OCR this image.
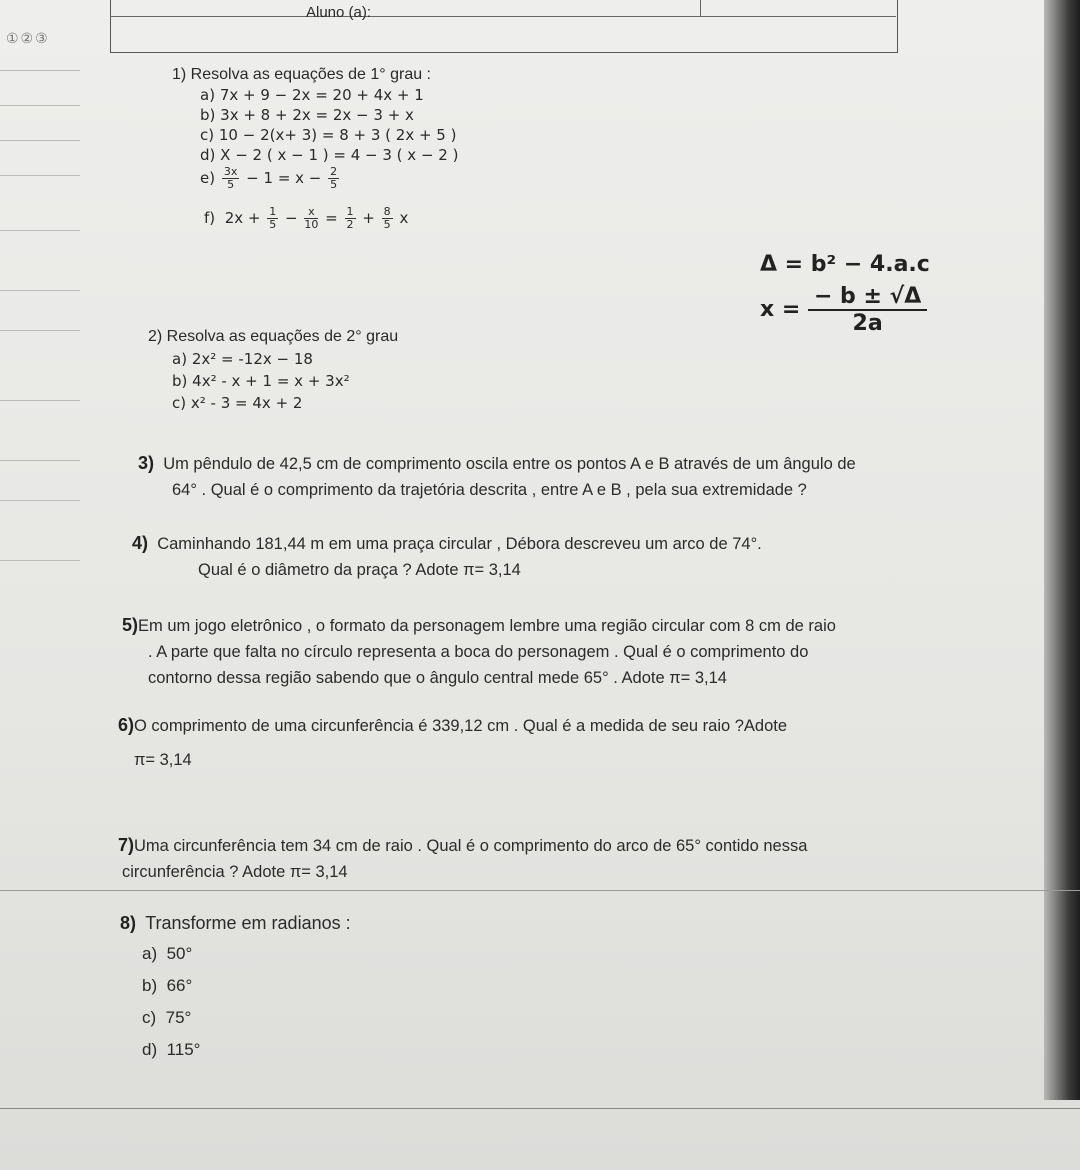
Aluno (a):
①②③
1) Resolva as equações de 1° grau :
a) 7x + 9 − 2x = 20 + 4x + 1
b) 3x + 8 + 2x = 2x − 3 + x
c) 10 − 2(x+ 3) = 8 + 3 ( 2x + 5 )
d) X − 2 ( x − 1 ) = 4 − 3 ( x − 2 )
$e) \frac{3x}{5} - 1 = x - \frac{2}{5}$
f) $2x + \frac{1}{5} - \frac{x}{10} = \frac{1}{2} + \frac{8}{5}$ x
Δ = b² − 4.a.c
$x = \frac{- b \pm √\Delta}{2a}$
2) Resolva as equações de 2° grau
a) 2x² = -12x − 18
b) 4x² - x + 1 = x + 3x²
c) x² - 3 = 4x + 2
3) Um pêndulo de 42,5 cm de comprimento oscila entre os pontos A e B através de um ângulo de
64° . Qual é o comprimento da trajetória descrita , entre A e B , pela sua extremidade ?
4) Caminhando 181,44 m em uma praça circular , Débora descreveu um arco de 74°.
Qual é o diâmetro da praça ? Adote π= 3,14
5)Em um jogo eletrônico , o formato da personagem lembre uma região circular com 8 cm de raio
. A parte que falta no círculo representa a boca do personagem . Qual é o comprimento do
contorno dessa região sabendo que o ângulo central mede 65° . Adote π= 3,14
6)O comprimento de uma circunferência é 339,12 cm . Qual é a medida de seu raio ?Adote
π= 3,14
7)Uma circunferência tem 34 cm de raio . Qual é o comprimento do arco de 65° contido nessa
circunferência ? Adote π= 3,14
8) Transforme em radianos :
a) 50°
b) 66°
c) 75°
d) 115°
